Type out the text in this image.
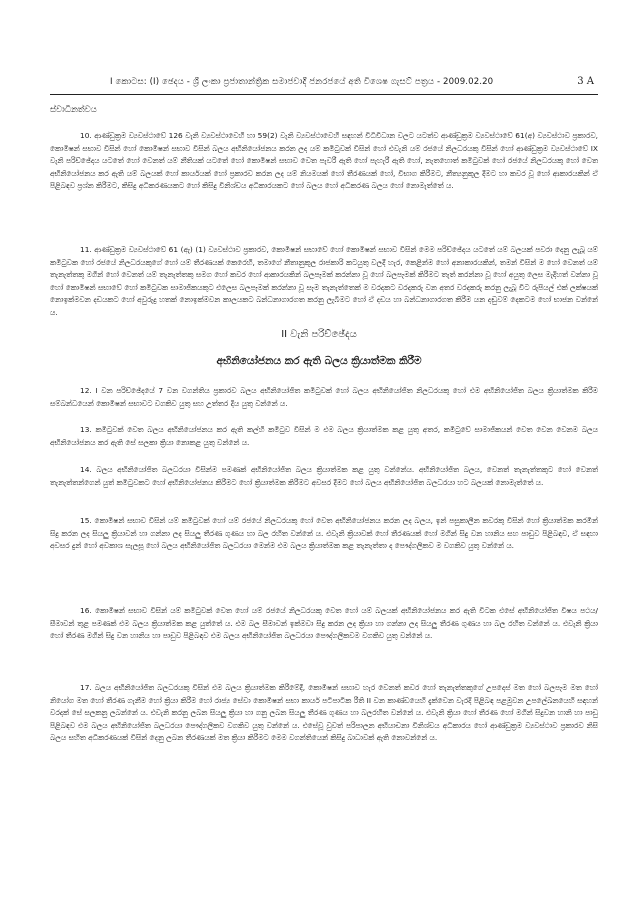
I කොටස: (I) ඡෙදය - ශ්‍රී ලංකා ප්‍රජාතාන්ත්‍රික සමාජවාදී ජනරජයේ අති විශෙෂ ගැසට් පත්‍රය - 2009.02.20	3 A
ස්වාධීනත්වය

10. ආණ්ඩුක්‍රම ව්‍යවස්ථාවේ 126 වැනි ව්‍යවස්ථාවෙහි හා 59(2) වැනි ව්‍යවස්ථාවෙහි සඳහන් විධිවිධාන වලට යටත්ව ආණ්ඩුක්‍රම ව්‍යවස්ථාවේ 61(අ) ව්‍යවස්ථාව ප්‍රකාරව, කොමිෂන් සභාව විසින් හෝ කොමිෂන් සභාව විසින් බලය අභිනියෝජනය කරන ලද යම් කමිටුවක් විසින් හෝ එවැනි යම් රජයේ නිලධරයකු විසින් හෝ ආණ්ඩුක්‍රම ව්‍යවස්ථාවේ IX වැනි පරිච්ඡේදය යටතේ හෝ වෙනත් යම් නීතියක් යටතේ හෝ කොමිෂන් සභාව වෙත පැවරී ඇති හෝ පැහැරී ඇති හෝ, නැතහොත් කමිටුවක් හෝ රජයේ නිලධරයකු හෝ වෙත අභිනියෝජනය කර ඇති යම් බලයක් හෝ කාර්යයක් හෝ ප්‍රකාරව කරන ලද යම් නියමයක් හෝ තීරණයක් හෝ, විභාග කිරීමට, නීත්‍යනුකූල දීමට හා කවර වූ හෝ ආකාරයකින් ඒ පිළිබඳව ප්‍රශ්න කිරීමට, කිසිදු අධිකරණයකට හෝ කිසිදු විනිශ්චය අධිකාරයකට හෝ බලය හෝ අධිකරණ බලය හෝ නොමැත්තේ ය.

11. ආණ්ඩුක්‍රම ව්‍යවස්ථාවේ 61 (ඇ) (1) ව්‍යවස්ථාව ප්‍රකාරව, කොමිෂන් සභාවේ හෝ කොමිෂන් සභාව විසින් මෙම පරිච්ඡේදය යටතේ යම් බලයක් පවරා දෙනු ලැබූ යම් කමිටුවක හෝ රජයේ නිලධරයකුගේ හෝ යම් තීරණයක් කෙරෙහි, තමාගේ නීතානුකූල රාජකාරි කටයුතු වලදී හැර, කෙළින්ම හෝ අනාකාරයකින්, තමන් විසින් ම හෝ වෙනත් යම් තැනැත්තකු මගින් හෝ වෙනත් යම් තැනැත්තකු සමග හෝ කවර හෝ ආකාරයකින් බලපෑමක් කරන්නා වූ හෝ බලපෑමක් කිරීමට තැත් කරන්නා වූ හෝ අයුතු ලෙස මැදිහත් වන්නා වූ හෝ කොමිෂන් සභාවේ හෝ කමිටුවක සාමාජිකයකුට එලෙස බලපෑමක් කරන්නා වූ සෑම තැනැත්තෙක් ම වරදකට වරදකරු වන අතර වරදකරු කරනු ලැබූ විට රුපියල් එක් ලක්ෂයක් නොඉක්මවන දඩයකට හෝ අවුරුදු හතක් නොඉක්මවන කාලයකට බන්ධනාගාරගත කරනු ලැබීමට හෝ ඒ දඩය හා බන්ධනාගාරගත කිරීම යන දඬුවම් දෙකටම හෝ භාජන වන්නේ ය.

II වැනි පරිච්ඡේදය
අභිනියෝජනය කර ඇති බලය ක්‍රියාත්මක කිරීම

12. I වන පරිච්ඡේදයේ 7 වන වගන්තිය ප්‍රකාරව බලය අභිනියෝජිත කමිටුවක් හෝ බලය අභිනියෝජිත නිලධරයකු හෝ එම අභිනියෝජිත බලය ක්‍රියාත්මක කිරීම සම්බන්ධයෙන් කොමිෂන් සභාවට වගකිව යුතු සහ උත්තර දිය යුතු වන්නේ ය.

13. කමිටුවක් වෙත බලය අභිනියෝජනය කර ඇති කල්හි කමිටුව විසින් ම එම බලය ක්‍රියාත්මක කළ යුතු අතර, කමිටුවේ සාමාජිකයන් වෙත වෙන වෙනම බලය අභිනියෝජනය කර ඇති සේ සලකා ක්‍රියා නොකළ යුතු වන්නේ ය.

14. බලය අභිනියෝජිත බලධරයා විසින්ම පමණක් අභිනියෝජිත බලය ක්‍රියාත්මක කළ යුතු වන්නේය. අභිනියෝජිත බලය, වෙනත් තැනැත්තකුට හෝ වෙනත් තැනැත්තන්ගෙන් යුත් කමිටුවකට හෝ අභිනියෝජනය කිරීමට හෝ ක්‍රියාත්මක කිරීමට අවසර දීමට හෝ බලය අභිනියෝජිත බලධරයා හට බලයක් නොමැත්තේ ය.

15. කොමිෂන් සභාව විසින් යම් කමිටුවක් හෝ යම් රජයේ නිලධරයකු හෝ වෙත අභිනියෝජනය කරන ලද බලය, ඉන් පසුකාලීන කවරකු විසින් හෝ ක්‍රියාත්මක කරමින් සිදු කරන ලද සියලු ක්‍රියාවන් හා ගන්නා ලද සියලු තීරණ ගුණය හා බල රහිත වන්නේ ය. එවැනි ක්‍රියාවක් හෝ තීරණයක් හෝ මගින් සිදු වන හානිය සහ පාඩුව පිළිබඳව, ඒ සඳහා අවසර දුන් හෝ අවකාශ සැලසූ හෝ බලය අභිනියෝජිත බලධරයා මෙන්ම එම බලය ක්‍රියාත්මක කළ තැනැත්තා ද පෞද්ගලිකව ම වගකිව යුතු වන්නේ ය.

16. කොමිෂන් සභාව විසින් යම් කමිටුවක් වෙත හෝ යම් රජයේ නිලධරයකු වෙත හෝ යම් බලයක් අභිනියෝජනය කර ඇති විටක එසේ අභිනියෝජිත විෂය පථය/සීමාවන් තුළ පමණක් එම බලය ක්‍රියාත්මක කළ යුත්තේ ය. එම බල සීමාවන් ඉක්මවා සිදු කරන ලද ක්‍රියා හා ගන්නා ලද සියලු තීරණ ගුණය හා බල රහිත වන්නේ ය. එවැනි ක්‍රියා හෝ තීරණ මගින් සිදු වන හානිය හා පාඩුව පිළිබඳව එම බලය අභිනියෝජිත බලධරයා පෞද්ගලිකවම වගකිව යුතු වන්නේ ය.

17. බලය අභිනියෝජිත බලධරයකු විසින් එම බලය ක්‍රියාත්මක කිරීමේදී, කොමිෂන් සභාව හැර වෙනත් කවර හෝ තැනැත්තකුගේ උපදෙස් මත හෝ බලපෑම මත හෝ නියෝග මත හෝ තීරණ ගැනීම හෝ ක්‍රියා කිරීම හෝ රාජ්‍ය සේවා කොමිෂන් සභා කාර්ය පටිපාටික රීති II වන කාණ්ඩයෙහි දැක්වෙන වැරදි පිළිබඳ පළමුවන උපලේඛනයෙහි සඳහන් වරදක් සේ සලකනු ලබන්නේ ය. එවැනි කරනු ලබන සියලු ක්‍රියා හා ගනු ලබන සියලු තීරණ ගුණය හා බලරහිත වන්නේ ය. එවැනි ක්‍රියා හෝ තීරණ හෝ මගින් සිදුවන හානි හා පාඩු පිළිබඳව එම බලය අභිනියෝජිත බලධරයා පෞද්ගලිකව වගකිව යුතු වන්නේ ය. එසේවූ වුවත් පරිපාලන අභියාචනා විනිශ්චය අධිකාරය හෝ ආණ්ඩුක්‍රම ව්‍යවස්ථාව ප්‍රකාරව නිසි බලය සහිත අධිකරණයක් විසින් දෙනු ලබන තීරණයක් මත ක්‍රියා කිරීමට මෙම වගන්තියෙන් කිසිදු බාධාවක් ඇති නොවන්නේ ය.
